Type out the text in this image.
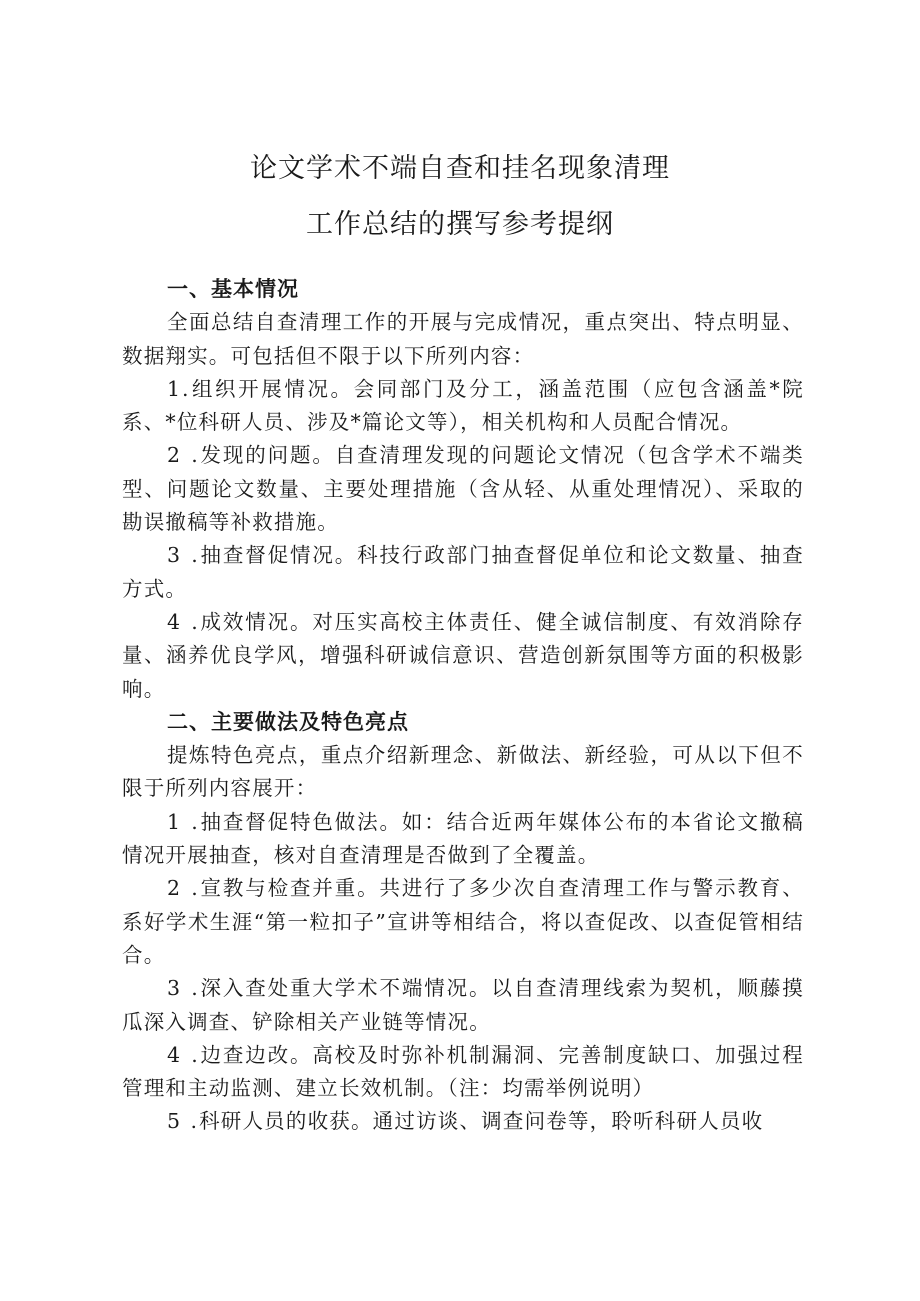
论文学术不端自查和挂名现象清理
工作总结的撰写参考提纲

一、基本情况

全面总结自查清理工作的开展与完成情况，重点突出、特点明显、数据翔实。可包括但不限于以下所列内容：

1.组织开展情况。会同部门及分工，涵盖范围（应包含涵盖*院系、*位科研人员、涉及*篇论文等），相关机构和人员配合情况。

2 .发现的问题。自查清理发现的问题论文情况（包含学术不端类型、问题论文数量、主要处理措施（含从轻、从重处理情况）、采取的勘误撤稿等补救措施。

3 .抽查督促情况。科技行政部门抽查督促单位和论文数量、抽查方式。

4 .成效情况。对压实高校主体责任、健全诚信制度、有效消除存量、涵养优良学风，增强科研诚信意识、营造创新氛围等方面的积极影响。

二、主要做法及特色亮点

提炼特色亮点，重点介绍新理念、新做法、新经验，可从以下但不限于所列内容展开：

1 .抽查督促特色做法。如：结合近两年媒体公布的本省论文撤稿情况开展抽查，核对自查清理是否做到了全覆盖。

2 .宣教与检查并重。共进行了多少次自查清理工作与警示教育、系好学术生涯“第一粒扣子”宣讲等相结合，将以查促改、以查促管相结合。

3 .深入查处重大学术不端情况。以自查清理线索为契机，顺藤摸瓜深入调查、铲除相关产业链等情况。

4 .边查边改。高校及时弥补机制漏洞、完善制度缺口、加强过程管理和主动监测、建立长效机制。（注：均需举例说明）

5 .科研人员的收获。通过访谈、调查问卷等，聆听科研人员收
